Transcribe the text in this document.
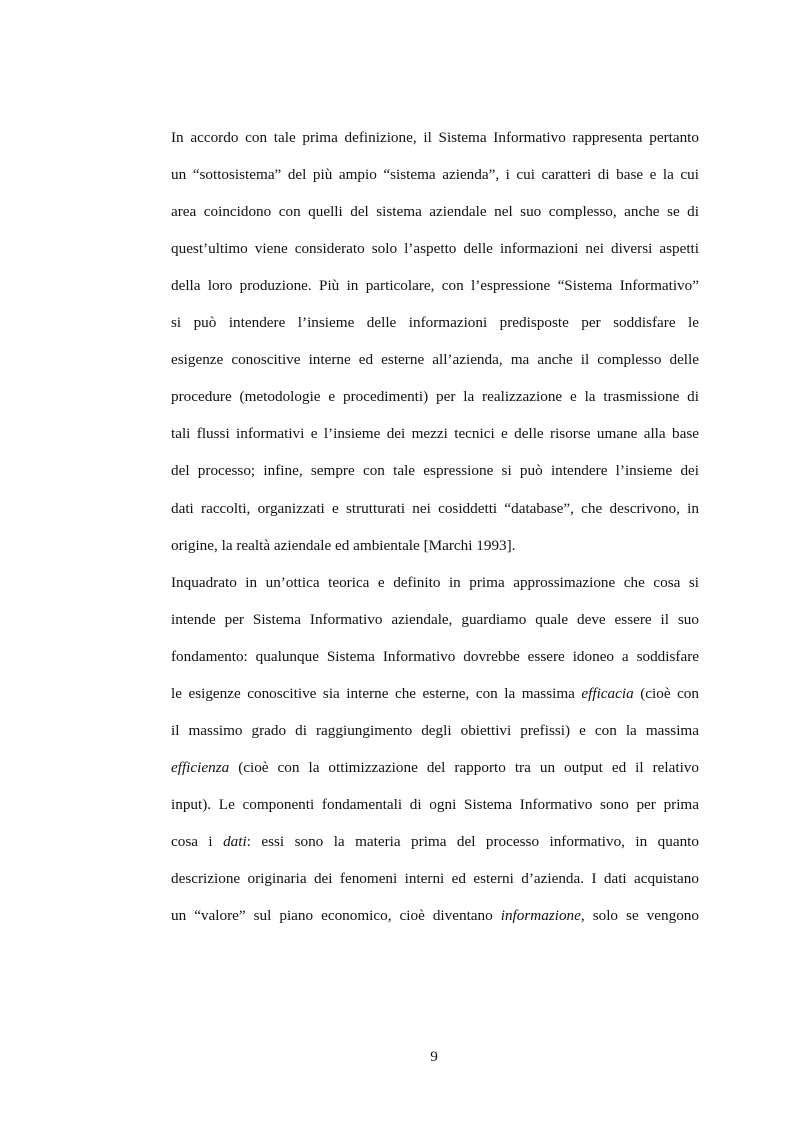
In accordo con tale prima definizione, il Sistema Informativo rappresenta pertanto
un “sottosistema” del più ampio “sistema azienda”, i cui caratteri di base e la cui
area coincidono con quelli del sistema aziendale nel suo complesso, anche se di
quest’ultimo viene considerato solo l’aspetto delle informazioni nei diversi aspetti
della loro produzione. Più in particolare, con l’espressione “Sistema Informativo”
si può intendere l’insieme delle informazioni predisposte per soddisfare le
esigenze conoscitive interne ed esterne all’azienda, ma anche il complesso delle
procedure (metodologie e procedimenti) per la realizzazione e la trasmissione di
tali flussi informativi e l’insieme dei mezzi tecnici e delle risorse umane alla base
del processo; infine, sempre con tale espressione si può intendere l’insieme dei
dati raccolti, organizzati e strutturati nei cosiddetti “database”, che descrivono, in
origine, la realtà aziendale ed ambientale [Marchi 1993].
Inquadrato in un’ottica teorica e definito in prima approssimazione che cosa si
intende per Sistema Informativo aziendale, guardiamo quale deve essere il suo
fondamento: qualunque Sistema Informativo dovrebbe essere idoneo a soddisfare
le esigenze conoscitive sia interne che esterne, con la massima efficacia (cioè con
il massimo grado di raggiungimento degli obiettivi prefissi) e con la massima
efficienza (cioè con la ottimizzazione del rapporto tra un output ed il relativo
input). Le componenti fondamentali di ogni Sistema Informativo sono per prima
cosa i dati: essi sono la materia prima del processo informativo, in quanto
descrizione originaria dei fenomeni interni ed esterni d’azienda. I dati acquistano
un “valore” sul piano economico, cioè diventano informazione, solo se vengono
9
